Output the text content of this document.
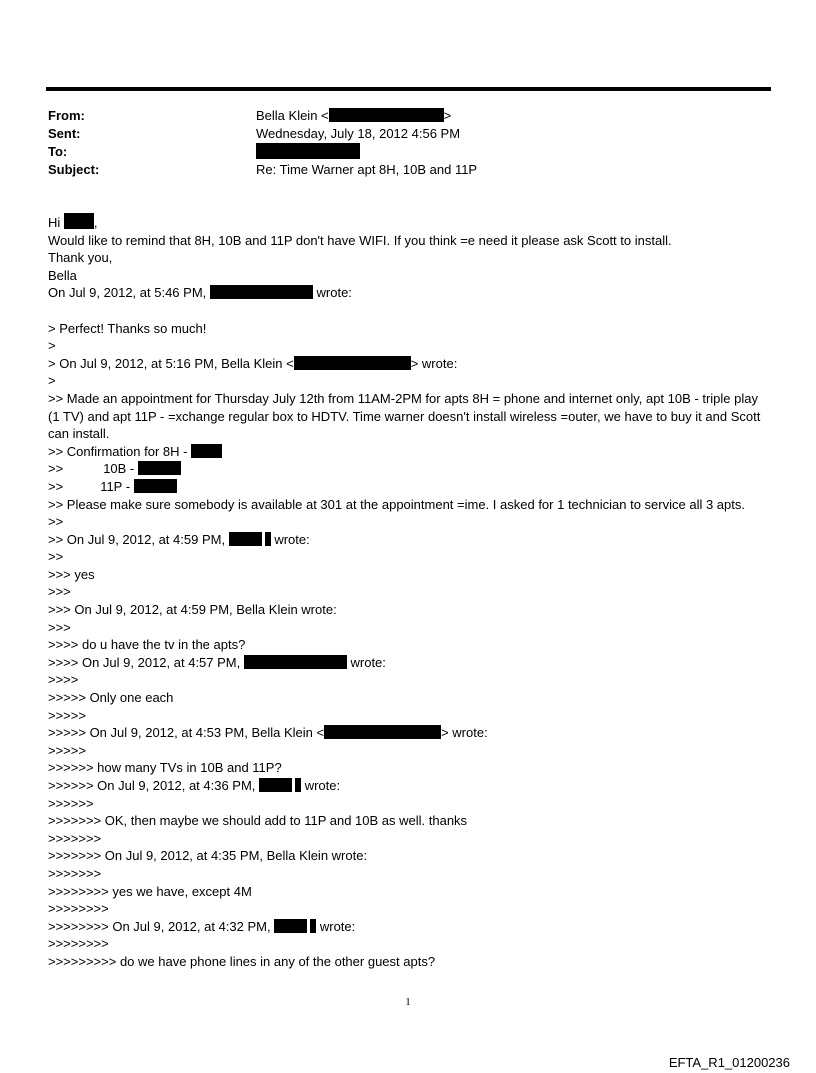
From:	Bella Klein <	>
Sent:	Wednesday, July 18, 2012 4:56 PM
To:
Subject:	Re: Time Warner apt 8H, 10B and 11P
Hi	,
Would like to remind that 8H, 10B and 11P don't have WIFI. If you think =e need it please ask Scott to install.
Thank you,
Bella
On Jul 9, 2012, at 5:46 PM,	wrote:
> Perfect! Thanks so much!
>
> On Jul 9, 2012, at 5:16 PM, Bella Klein <	> wrote:
>
>> Made an appointment for Thursday July 12th from 11AM-2PM for apts 8H = phone and internet only, apt 10B - triple play (1 TV) and apt 11P - =xchange regular box to HDTV. Time warner doesn't install wireless =outer, we have to buy it and Scott can install.
>> Confirmation for 8H -
>>	10B -
>>	11P -
>> Please make sure somebody is available at 301 at the appointment =ime. I asked for 1 technician to service all 3 apts.
>>
>> On Jul 9, 2012, at 4:59 PM,	wrote:
>>
>>> yes
>>>
>>> On Jul 9, 2012, at 4:59 PM, Bella Klein wrote:
>>>
>>>> do u have the tv in the apts?
>>>> On Jul 9, 2012, at 4:57 PM,	wrote:
>>>>
>>>>> Only one each
>>>>>
>>>>> On Jul 9, 2012, at 4:53 PM, Bella Klein <	> wrote:
>>>>>
>>>>>> how many TVs in 10B and 11P?
>>>>>> On Jul 9, 2012, at 4:36 PM,	wrote:
>>>>>>
>>>>>>> OK, then maybe we should add to 11P and 10B as well. thanks
>>>>>>>
>>>>>>> On Jul 9, 2012, at 4:35 PM, Bella Klein wrote:
>>>>>>>
>>>>>>>> yes we have, except 4M
>>>>>>>>
>>>>>>>> On Jul 9, 2012, at 4:32 PM,	wrote:
>>>>>>>>
>>>>>>>>> do we have phone lines in any of the other guest apts?
1
EFTA_R1_01200236
